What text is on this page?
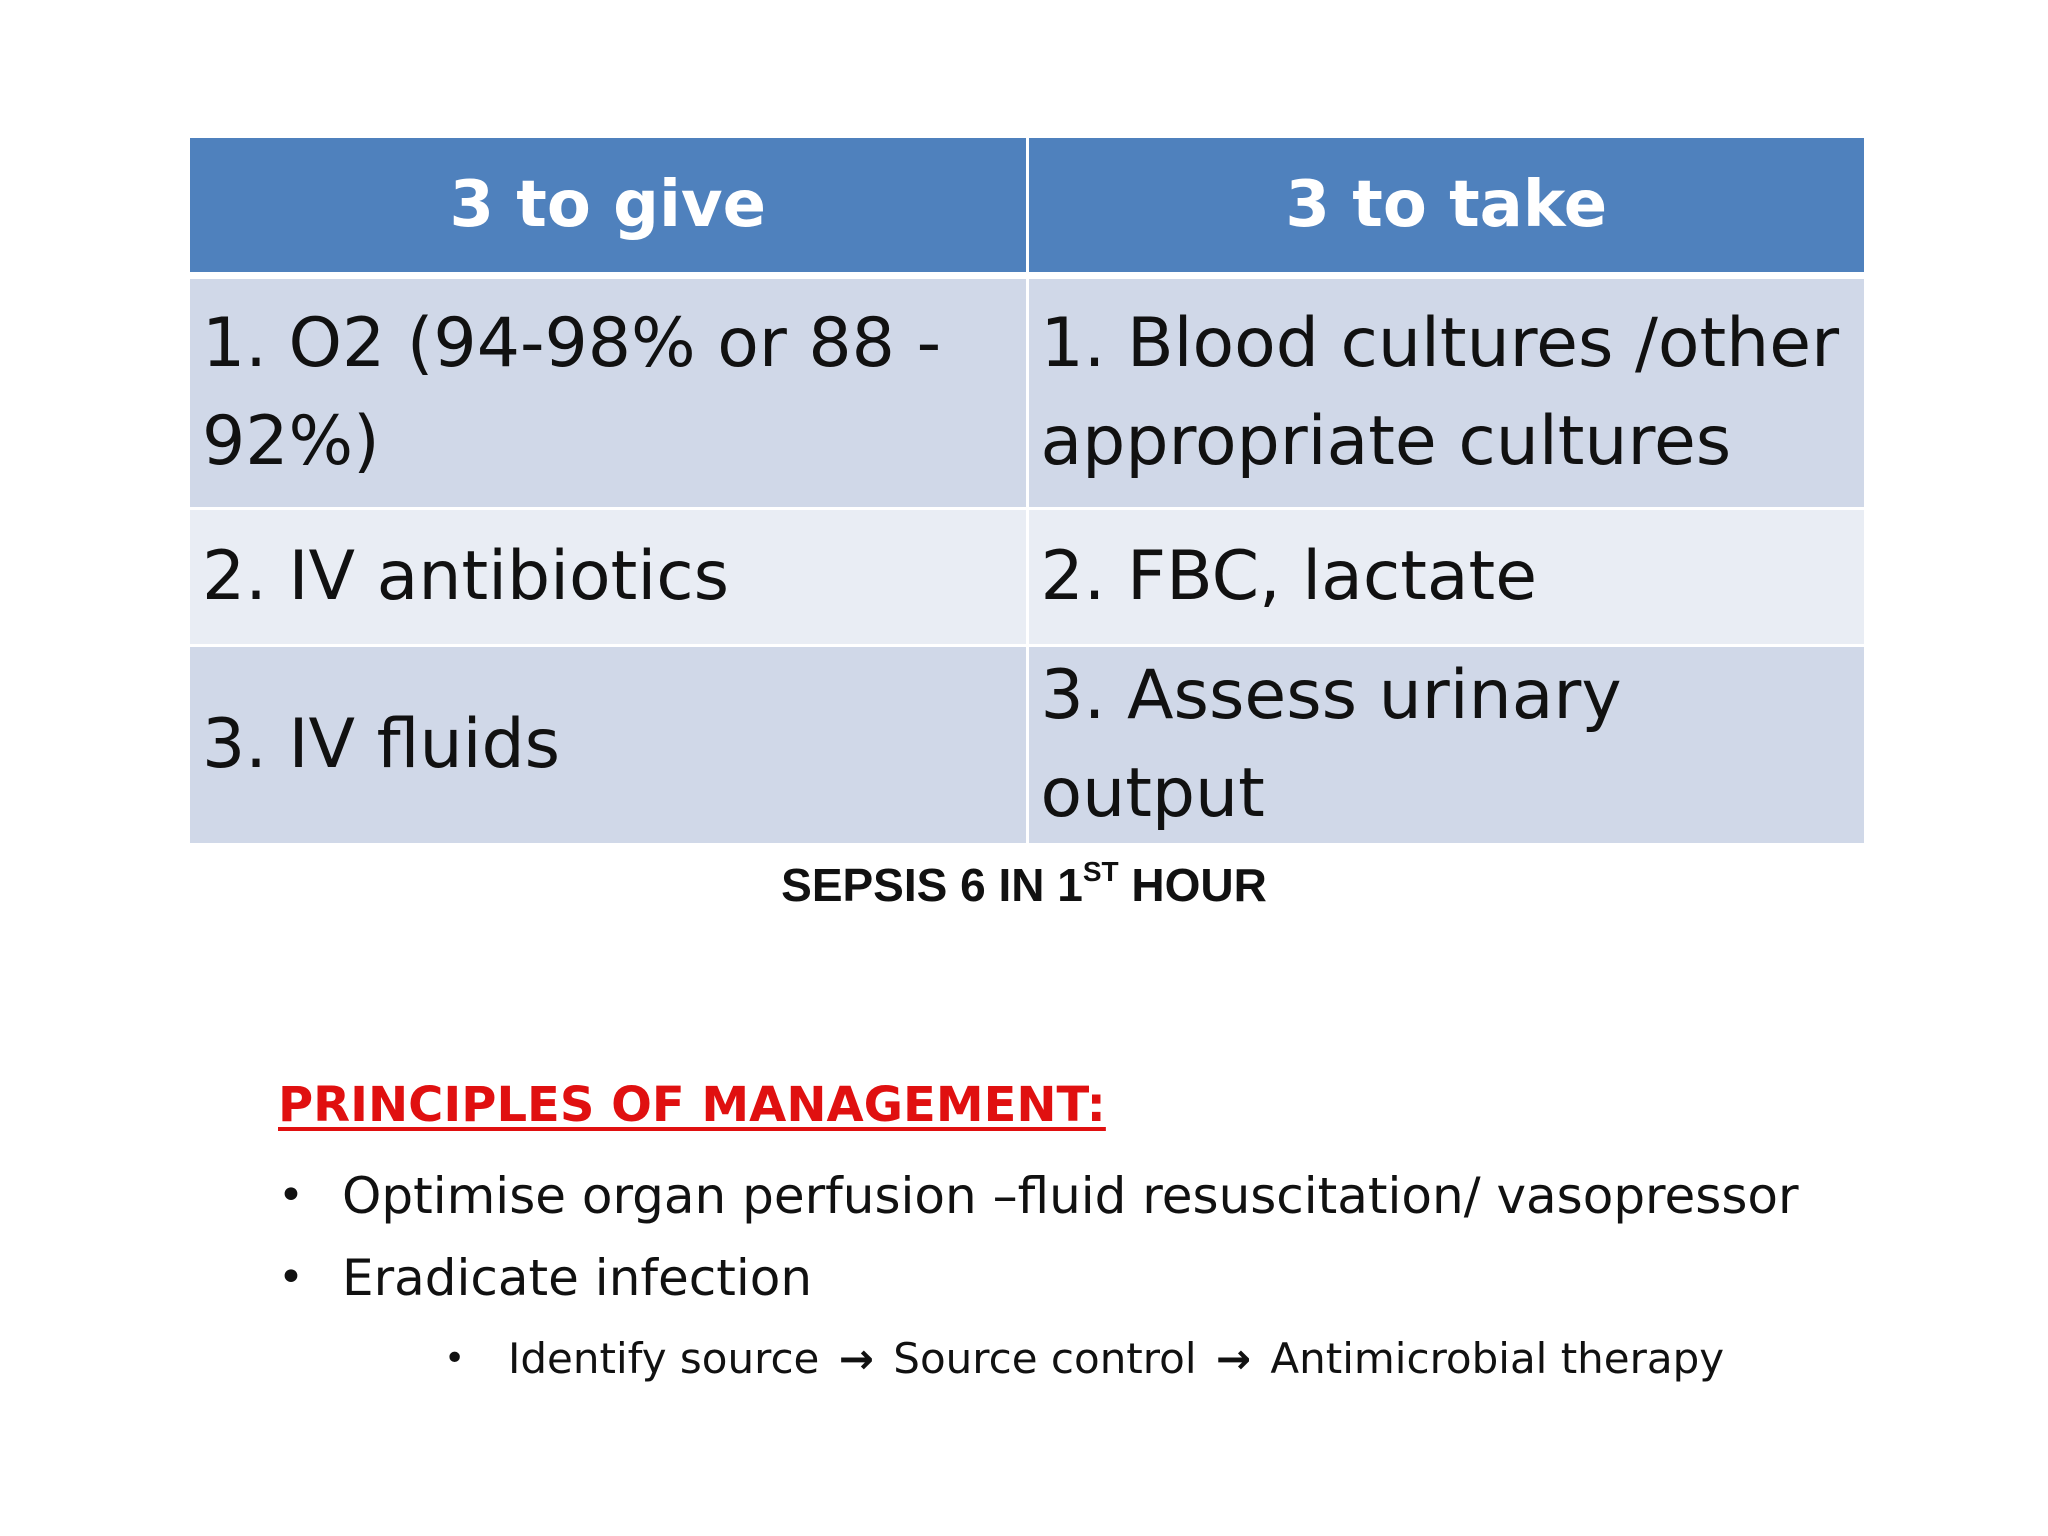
3 to give	3 to take
1. O2 (94-98% or 88 - 92%)	1. Blood cultures /other appropriate cultures
2. IV antibiotics	2. FBC, lactate
3. IV fluids	3. Assess urinary output
SEPSIS 6 IN 1ST HOUR
PRINCIPLES OF MANAGEMENT:
• Optimise organ perfusion –fluid resuscitation/ vasopressor
• Eradicate infection
• Identify source → Source control → Antimicrobial therapy
